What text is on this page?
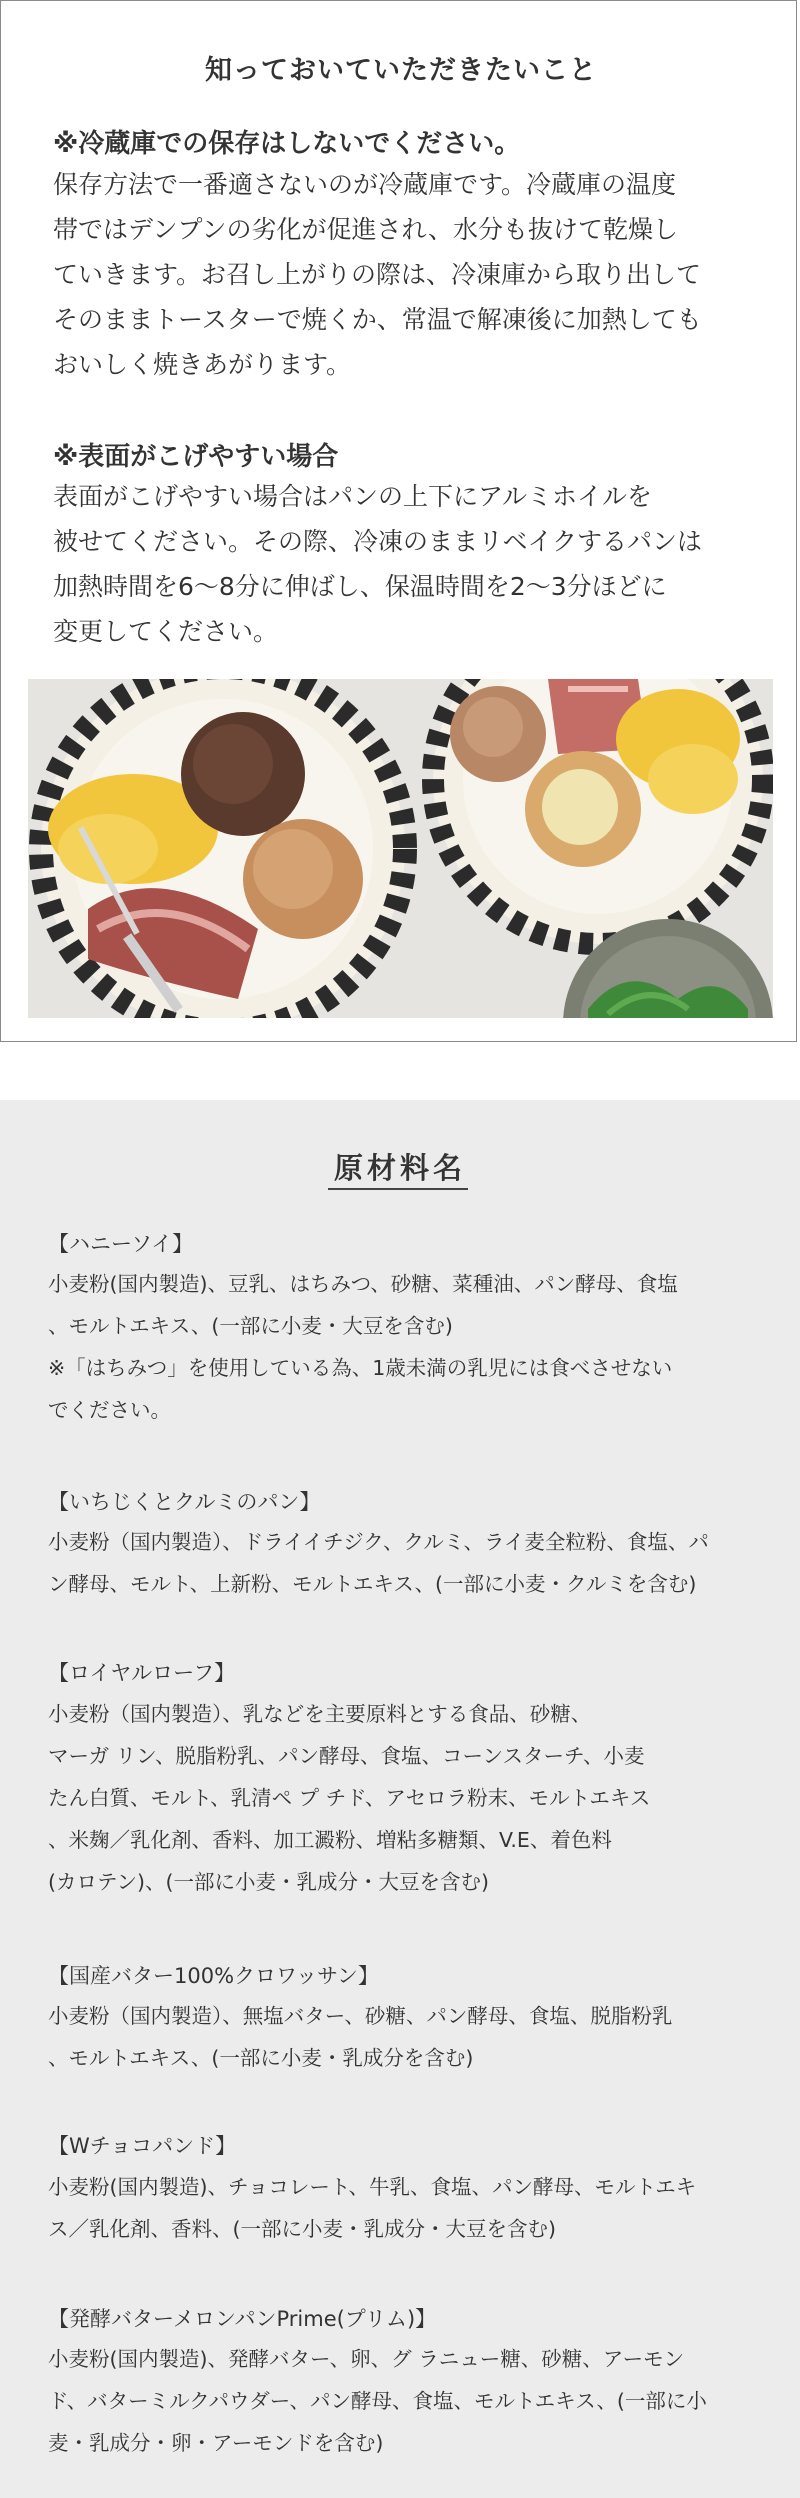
知っておいていただきたいこと
※冷蔵庫での保存はしないでください。

保存方法で一番適さないのが冷蔵庫です。冷蔵庫の温度
帯ではデンプンの劣化が促進され、水分も抜けて乾燥し
ていきます。お召し上がりの際は、冷凍庫から取り出して
そのままトースターで焼くか、常温で解凍後に加熱しても
おいしく焼きあがります。

※表面がこげやすい場合

表面がこげやすい場合はパンの上下にアルミホイルを
被せてください。その際、冷凍のままリベイクするパンは
加熱時間を6～8分に伸ばし、保温時間を2～3分ほどに
変更してください。

原材料名
【ハニーソイ】

小麦粉(国内製造)、豆乳、はちみつ、砂糖、菜種油、パン酵母、食塩
、モルトエキス、(一部に小麦・大豆を含む)
※「はちみつ」を使用している為、1歳未満の乳児には食べさせない
でください。

【いちじくとクルミのパン】

小麦粉（国内製造）、ドライイチジク、クルミ、ライ麦全粒粉、食塩、パ
ン酵母、モルト、上新粉、モルトエキス、(一部に小麦・クルミを含む)

【ロイヤルローフ】

小麦粉（国内製造）、乳などを主要原料とする食品、砂糖、
マーガ リン、脱脂粉乳、パン酵母、食塩、コーンスターチ、小麦
たん白質、モルト、乳清ペ プ チド、アセロラ粉末、モルトエキス
、米麹／乳化剤、香料、加工澱粉、増粘多糖類、V.E、着色料
(カロテン)、(一部に小麦・乳成分・大豆を含む)

【国産バター100%クロワッサン】

小麦粉（国内製造）、無塩バター、砂糖、パン酵母、食塩、脱脂粉乳
、モルトエキス、(一部に小麦・乳成分を含む)

【Wチョコパンド】

小麦粉(国内製造)、チョコレート、牛乳、食塩、パン酵母、モルトエキ
ス／乳化剤、香料、(一部に小麦・乳成分・大豆を含む)

【発酵バターメロンパンPrime(プリム)】

小麦粉(国内製造)、発酵バター、卵、グ ラニュー糖、砂糖、アーモン
ド、バターミルクパウダー、パン酵母、食塩、モルトエキス、(一部に小
麦・乳成分・卵・アーモンドを含む)
